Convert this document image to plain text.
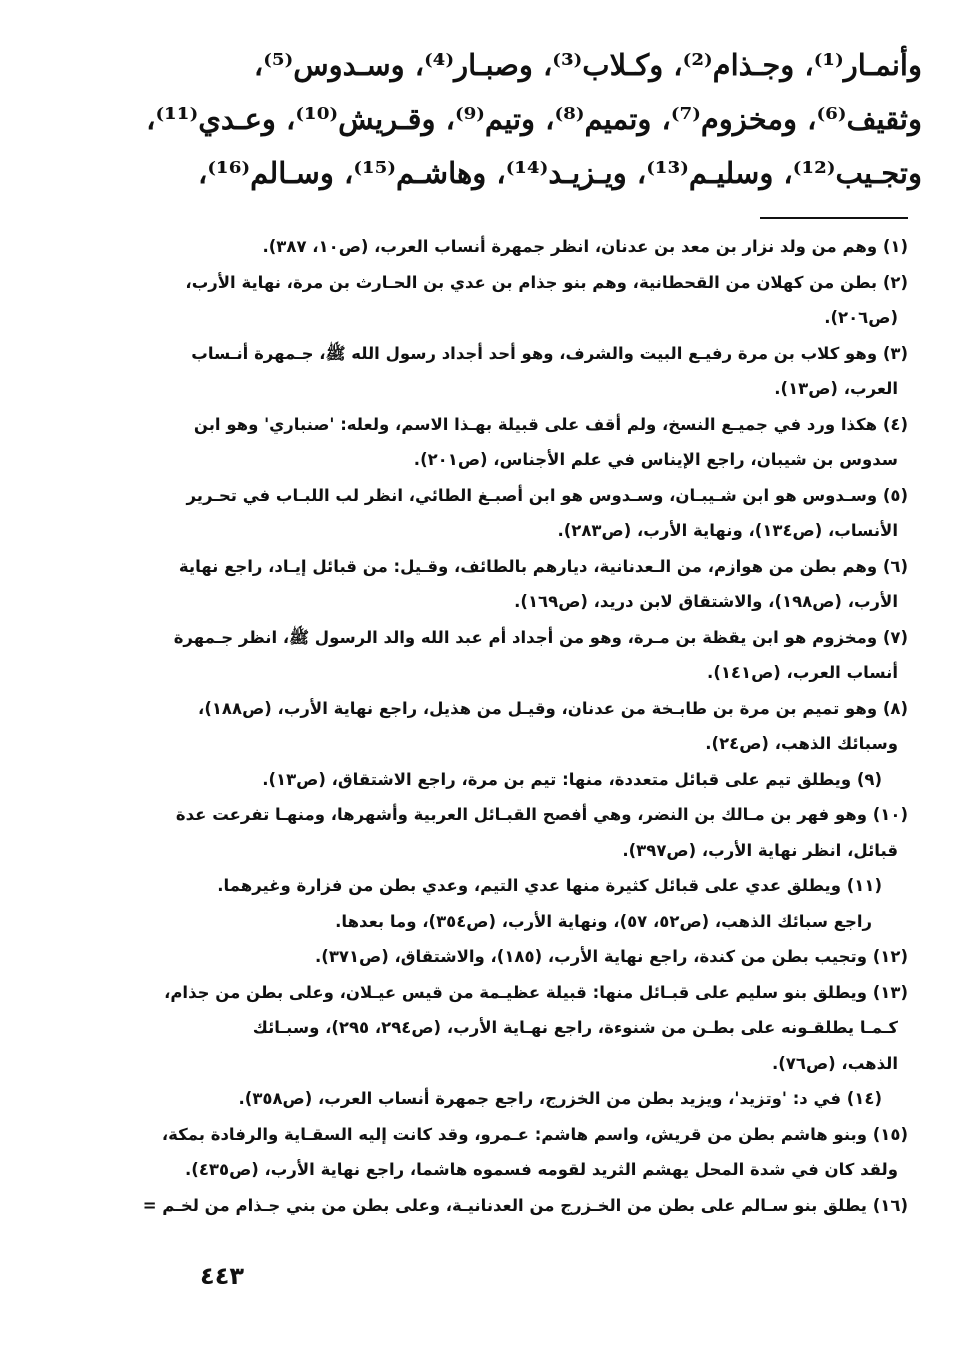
وأنمـار⁽¹⁾، وجـذام⁽²⁾، وكـلاب⁽³⁾، وصبـار⁽⁴⁾، وسـدوس⁽⁵⁾،
وثقيف⁽⁶⁾، ومخزوم⁽⁷⁾، وتميم⁽⁸⁾، وتيم⁽⁹⁾، وقـريش⁽¹⁰⁾، وعـدي⁽¹¹⁾،
وتجـيب⁽¹²⁾، وسليـم⁽¹³⁾، ويـزيـد⁽¹⁴⁾، وهاشـم⁽¹⁵⁾، وسـالم⁽¹⁶⁾،
(١) وهم من ولد نزار بن معد بن عدنان، انظر جمهرة أنساب العرب، (ص١٠، ٣٨٧).
(٢) بطن من كهلان من القحطانية، وهم بنو جذام بن عدي بن الحـارث بن مرة، نهاية الأرب،
(ص٢٠٦).
(٣) وهو كلاب بن مرة رفيـع البيت والشرف، وهو أحد أجداد رسول الله ﷺ، جـمهرة أنـساب
العرب، (ص١٣).
(٤) هكذا ورد في جميـع النسخ، ولم أقف على قبيلة بهـذا الاسم، ولعله: 'صنباري' وهو ابن
سدوس بن شيبان، راجع الإيناس في علم الأجناس، (ص٢٠١).
(٥) وسـدوس هو ابن شـيبـان، وسـدوس هو ابن أصبـغ الطائي، انظر لب اللبـاب في تحـرير
الأنساب، (ص١٣٤)، ونهاية الأرب، (ص٢٨٣).
(٦) وهم بطن من هوازم، من الـعدنانية، ديارهم بالطائف، وقـيل: من قبائل إيـاد، راجع نهاية
الأرب، (ص١٩٨)، والاشتقاق لابن دريد، (ص١٦٩).
(٧) ومخزوم هو ابن يقظة بن مـرة، وهو من أجداد أم عبد الله والد الرسول ﷺ، انظر جـمهرة
أنساب العرب، (ص١٤١).
(٨) وهو تميم بن مرة بن طابـخة من عدنان، وقيـل من هذيل، راجع نهاية الأرب، (ص١٨٨)،
وسبائك الذهب، (ص٢٤).
(٩) ويطلق تيم على قبائل متعددة، منها: تيم بن مرة، راجع الاشتقاق، (ص١٣).
(١٠) وهو فهر بن مـالك بن النضر، وهي أفصح القبـائل العربية وأشهرها، ومنهـا تفرعت عدة
قبائل، انظر نهاية الأرب، (ص٣٩٧).
(١١) ويطلق عدي على قبائل كثيرة منها عدي التيم، وعدي بطن من فزارة وغيرهما.
راجع سبائك الذهب، (ص٥٢، ٥٧)، ونهاية الأرب، (ص٣٥٤)، وما بعدها.
(١٢) وتجيب بطن من كندة، راجع نهاية الأرب، (١٨٥)، والاشتقاق، (ص٣٧١).
(١٣) ويطلق بنو سليم على قبـائل منها: قبيلة عظيـمة من قيس عيـلان، وعلى بطن من جذام،
كـمـا يطلقـونه على بطـن من شنوءة، راجع نهـاية الأرب، (ص٢٩٤، ٢٩٥)، وسبـائك
الذهب، (ص٧٦).
(١٤) في د: 'وتزيد'، ويزيد بطن من الخزرج، راجع جمهرة أنساب العرب، (ص٣٥٨).
(١٥) وبنو هاشم بطن من قريش، واسم هاشم: عـمرو، وقد كانت إليه السقـاية والرفادة بمكة،
ولقد كان في شدة المحل يهشم الثريد لقومه فسموه هاشما، راجع نهاية الأرب، (ص٤٣٥).
(١٦) يطلق بنو سـالم على بطن من الخـزرج من العدنانيـة، وعلى بطن من بني جـذام من لخـم =
٤٤٣
